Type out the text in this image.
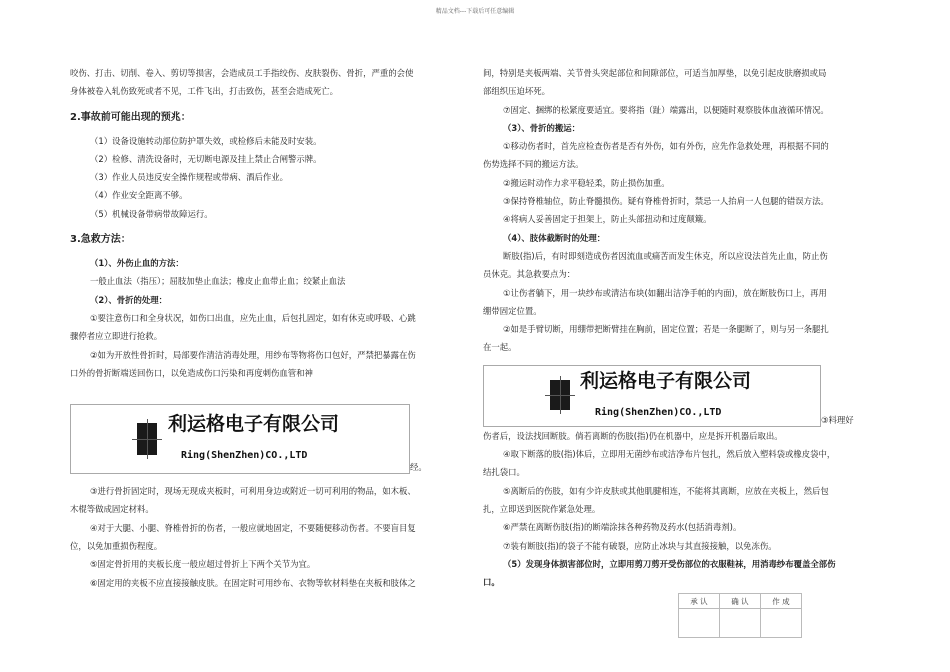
精品文档---下载后可任意编辑

咬伤、打击、切削、卷入、剪切等损害，会造成员工手指绞伤、皮肤裂伤、骨折，严重的会使

身体被卷入轧伤致死或者不见，工件飞出，打击致伤，甚至会造成死亡。

2.事故前可能出现的预兆：

（1）设备设施转动部位防护罩失效，或检修后未能及时安装。

（2）检修、清洗设备时，无切断电源及挂上禁止合闸警示牌。

（3）作业人员违反安全操作规程或带病、酒后作业。

（4）作业安全距离不够。

（5）机械设备带病带故障运行。

3.急救方法：

（1）、外伤止血的方法：

一般止血法（指压）；屈肢加垫止血法；橡皮止血带止血；绞紧止血法

（2）、骨折的处理：

①要注意伤口和全身状况，如伤口出血，应先止血，后包扎固定，如有休克或呼吸、心跳

骤停者应立即进行抢救。

②如为开放性骨折时，局部要作清洁消毒处理，用纱布等物将伤口包好，严禁把暴露在伤

口外的骨折断端送回伤口，以免造成伤口污染和再度刺伤血管和神

利运格电子有限公司
Ring(ShenZhen)CO.,LTD
经。

③进行骨折固定时，现场无现成夹板时，可利用身边或附近一切可利用的物品，如木板、

木棍等做成固定材料。

④对于大腿、小腿、脊椎骨折的伤者，一般应就地固定，不要随便移动伤者。不要盲目复

位，以免加重损伤程度。

⑤固定骨折用的夹板长度一般应超过骨折上下两个关节为宜。

⑥固定用的夹板不应直接接触皮肤。在固定时可用纱布、衣物等软材料垫在夹板和肢体之

间，特别是夹板两端、关节骨头突起部位和间隙部位，可适当加厚垫，以免引起皮肤磨损或局

部组织压迫坏死。

⑦固定、捆绑的松紧度要适宜。要将指（趾）端露出，以便随时观察肢体血液循环情况。

（3）、骨折的搬运：

①移动伤者时，首先应检查伤者是否有外伤，如有外伤，应先作急救处理，再根据不同的

伤势选择不同的搬运方法。

②搬运时动作力求平稳轻柔，防止损伤加重。

③保持脊椎轴位，防止脊髓损伤。疑有脊椎骨折时，禁忌一人抬肩一人包腿的错误方法。

④将病人妥善固定于担架上，防止头部扭动和过度颠簸。

（4）、肢体截断时的处理：

断肢(指)后，有时即刻造成伤者因流血或痛苦而发生休克，所以应设法首先止血，防止伤

员休克。其急救要点为：

①让伤者躺下，用一块纱布或清洁布块(如翻出洁净手帕的内面)，放在断肢伤口上，再用

绷带固定位置。

②如是手臂切断，用绷带把断臂挂在胸前，固定位置；若是一条腿断了，则与另一条腿扎

在一起。

利运格电子有限公司
Ring(ShenZhen)CO.,LTD
③料理好

伤者后，设法找回断肢。倘若离断的伤肢(指)仍在机器中，应是拆开机器后取出。

④取下断落的肢(指)体后，立即用无菌纱布或洁净布片包扎，然后放入塑料袋或橡皮袋中，

结扎袋口。

⑤离断后的伤肢，如有少许皮肤或其他肌腱相连，不能将其离断，应放在夹板上，然后包

扎，立即送到医院作紧急处理。

⑥严禁在离断伤肢(指)的断端涂抹各种药物及药水(包括消毒剂)。

⑦装有断肢(指)的袋子不能有破裂，应防止冰块与其直接接触，以免冻伤。

（5）发现身体损害部位时，立即用剪刀剪开受伤部位的衣服鞋袜，用消毒纱布覆盖全部伤

口。

承 认	确 认	作 成
